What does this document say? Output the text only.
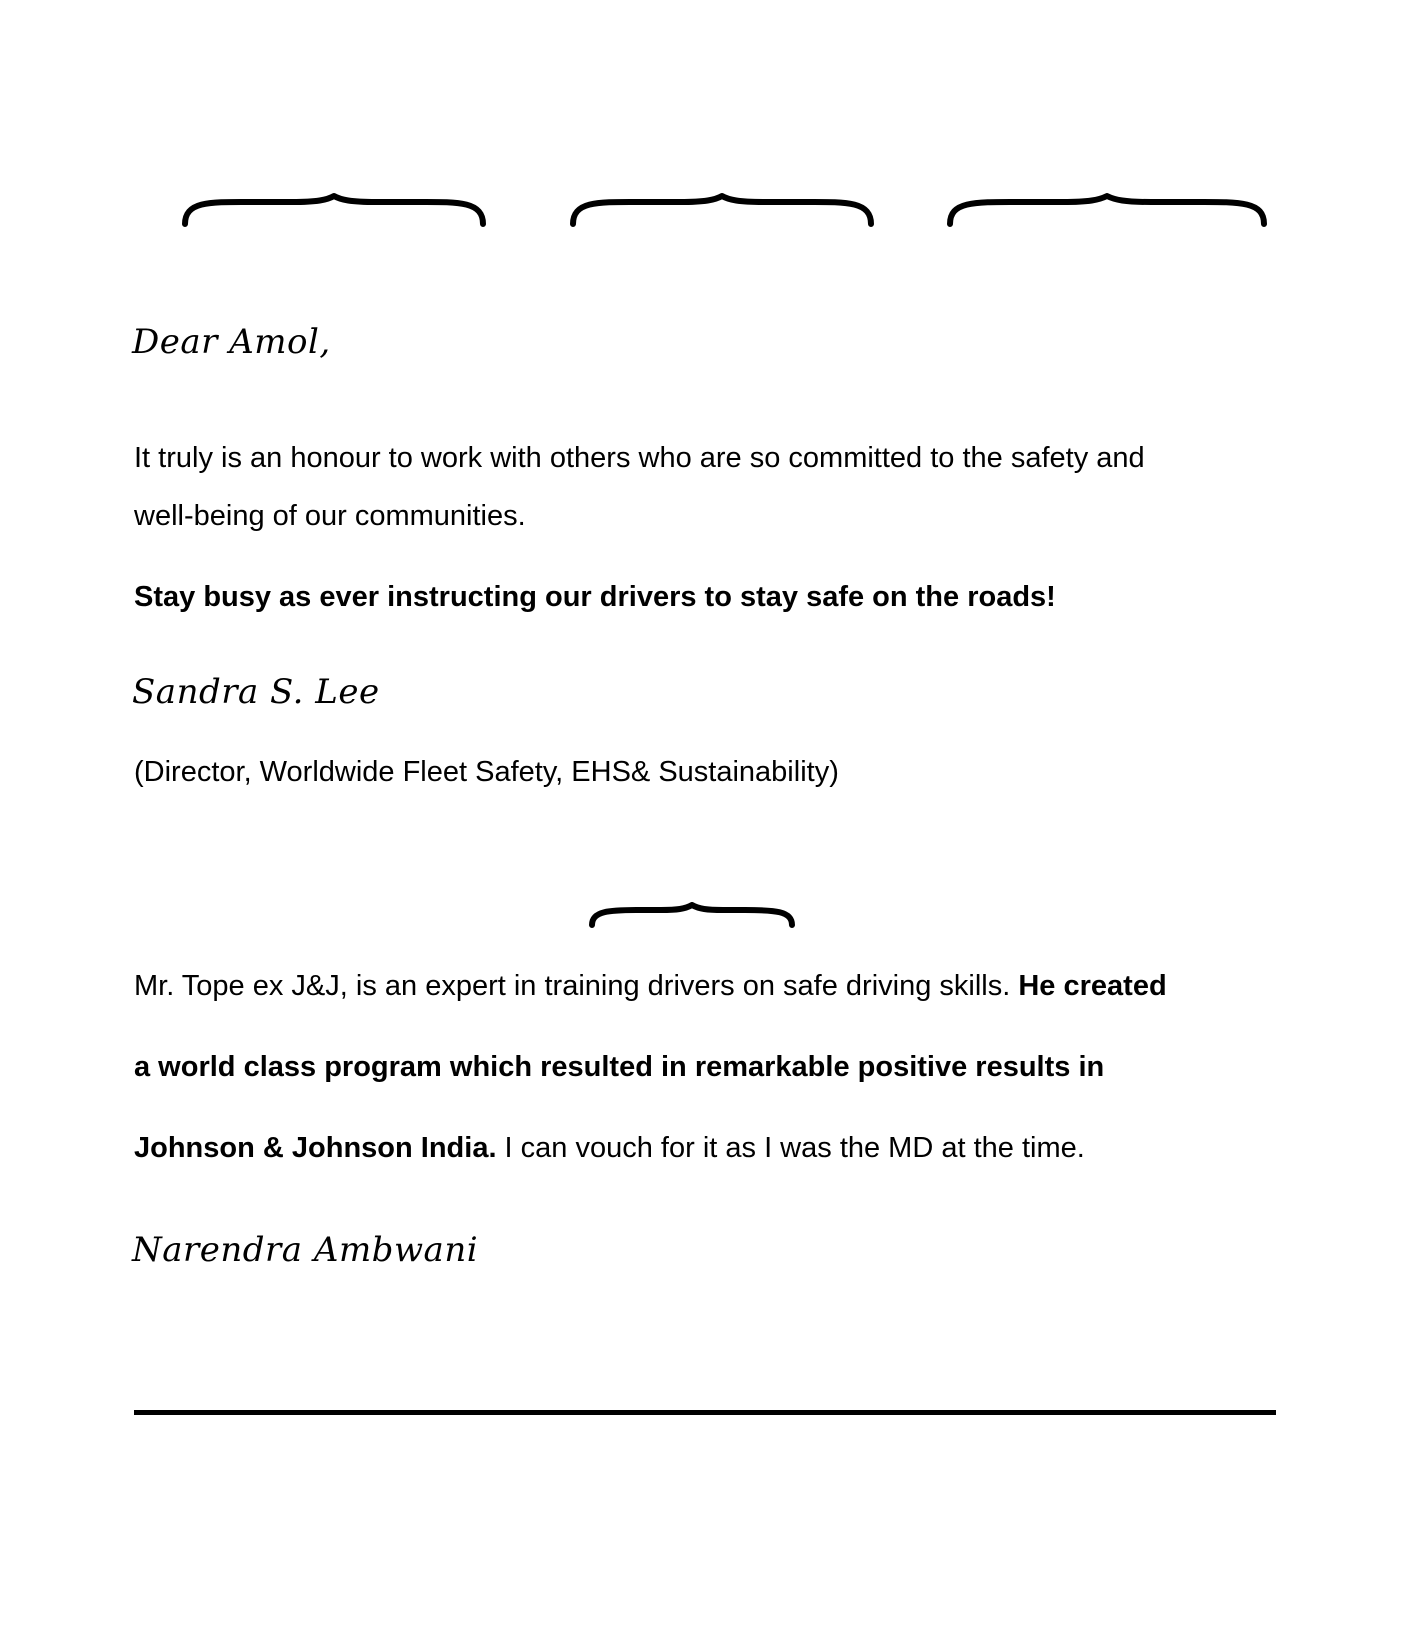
Dear Amol,
It truly is an honour to work with others who are so committed to the safety and
well-being of our communities.
Stay busy as ever instructing our drivers to stay safe on the roads!
Sandra S. Lee
(Director, Worldwide Fleet Safety, EHS& Sustainability)
Mr. Tope ex J&J, is an expert in training drivers on safe driving skills. He created
a world class program which resulted in remarkable positive results in
Johnson & Johnson India. I can vouch for it as I was the MD at the time.
Narendra Ambwani
